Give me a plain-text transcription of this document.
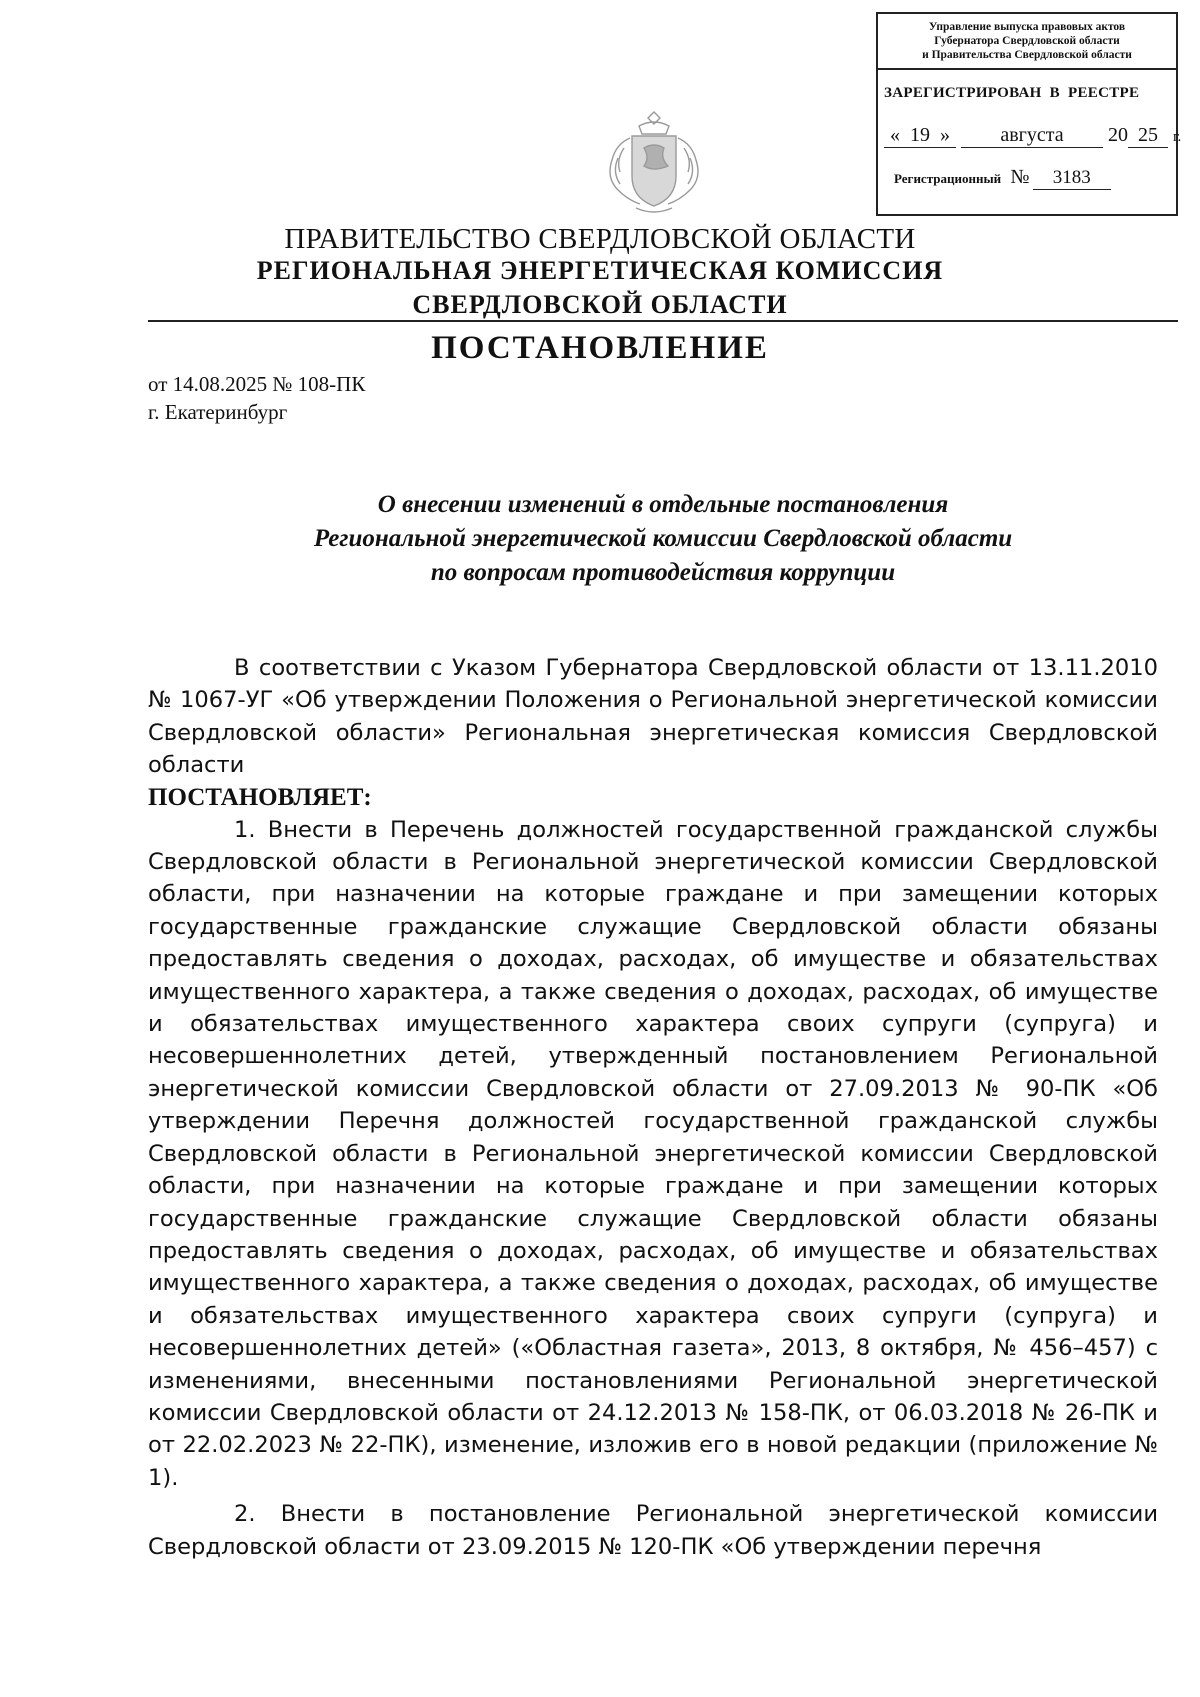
Управление выпуска правовых актов
Губернатора Свердловской области
и Правительства Свердловской области
ЗАРЕГИСТРИРОВАН В РЕЕСТРЕ
« 19 »	августа 20 25 г.
Регистрационный № 3183
ПРАВИТЕЛЬСТВО СВЕРДЛОВСКОЙ ОБЛАСТИ
РЕГИОНАЛЬНАЯ ЭНЕРГЕТИЧЕСКАЯ КОМИССИЯ
СВЕРДЛОВСКОЙ ОБЛАСТИ
ПОСТАНОВЛЕНИЕ
от 14.08.2025 № 108-ПК
г. Екатеринбург
О внесении изменений в отдельные постановления
Региональной энергетической комиссии Свердловской области
по вопросам противодействия коррупции

В соответствии с Указом Губернатора Свердловской области от 13.11.2010 № 1067-УГ «Об утверждении Положения о Региональной энергетической комиссии Свердловской области» Региональная энергетическая комиссия Свердловской области

ПОСТАНОВЛЯЕТ:

1. Внести в Перечень должностей государственной гражданской службы Свердловской области в Региональной энергетической комиссии Свердловской области, при назначении на которые граждане и при замещении которых государственные гражданские служащие Свердловской области обязаны предоставлять сведения о доходах, расходах, об имуществе и обязательствах имущественного характера, а также сведения о доходах, расходах, об имуществе и обязательствах имущественного характера своих супруги (супруга) и несовершеннолетних детей, утвержденный постановлением Региональной энергетической комиссии Свердловской области от 27.09.2013 № 90-ПК «Об утверждении Перечня должностей государственной гражданской службы Свердловской области в Региональной энергетической комиссии Свердловской области, при назначении на которые граждане и при замещении которых государственные гражданские служащие Свердловской области обязаны предоставлять сведения о доходах, расходах, об имуществе и обязательствах имущественного характера, а также сведения о доходах, расходах, об имуществе и обязательствах имущественного характера своих супруги (супруга) и несовершеннолетних детей» («Областная газета», 2013, 8 октября, № 456–457) с изменениями, внесенными постановлениями Региональной энергетической комиссии Свердловской области от 24.12.2013 № 158-ПК, от 06.03.2018 № 26-ПК и от 22.02.2023 № 22-ПК), изменение, изложив его в новой редакции (приложение № 1).

2. Внести в постановление Региональной энергетической комиссии Свердловской области от 23.09.2015 № 120-ПК «Об утверждении перечня
